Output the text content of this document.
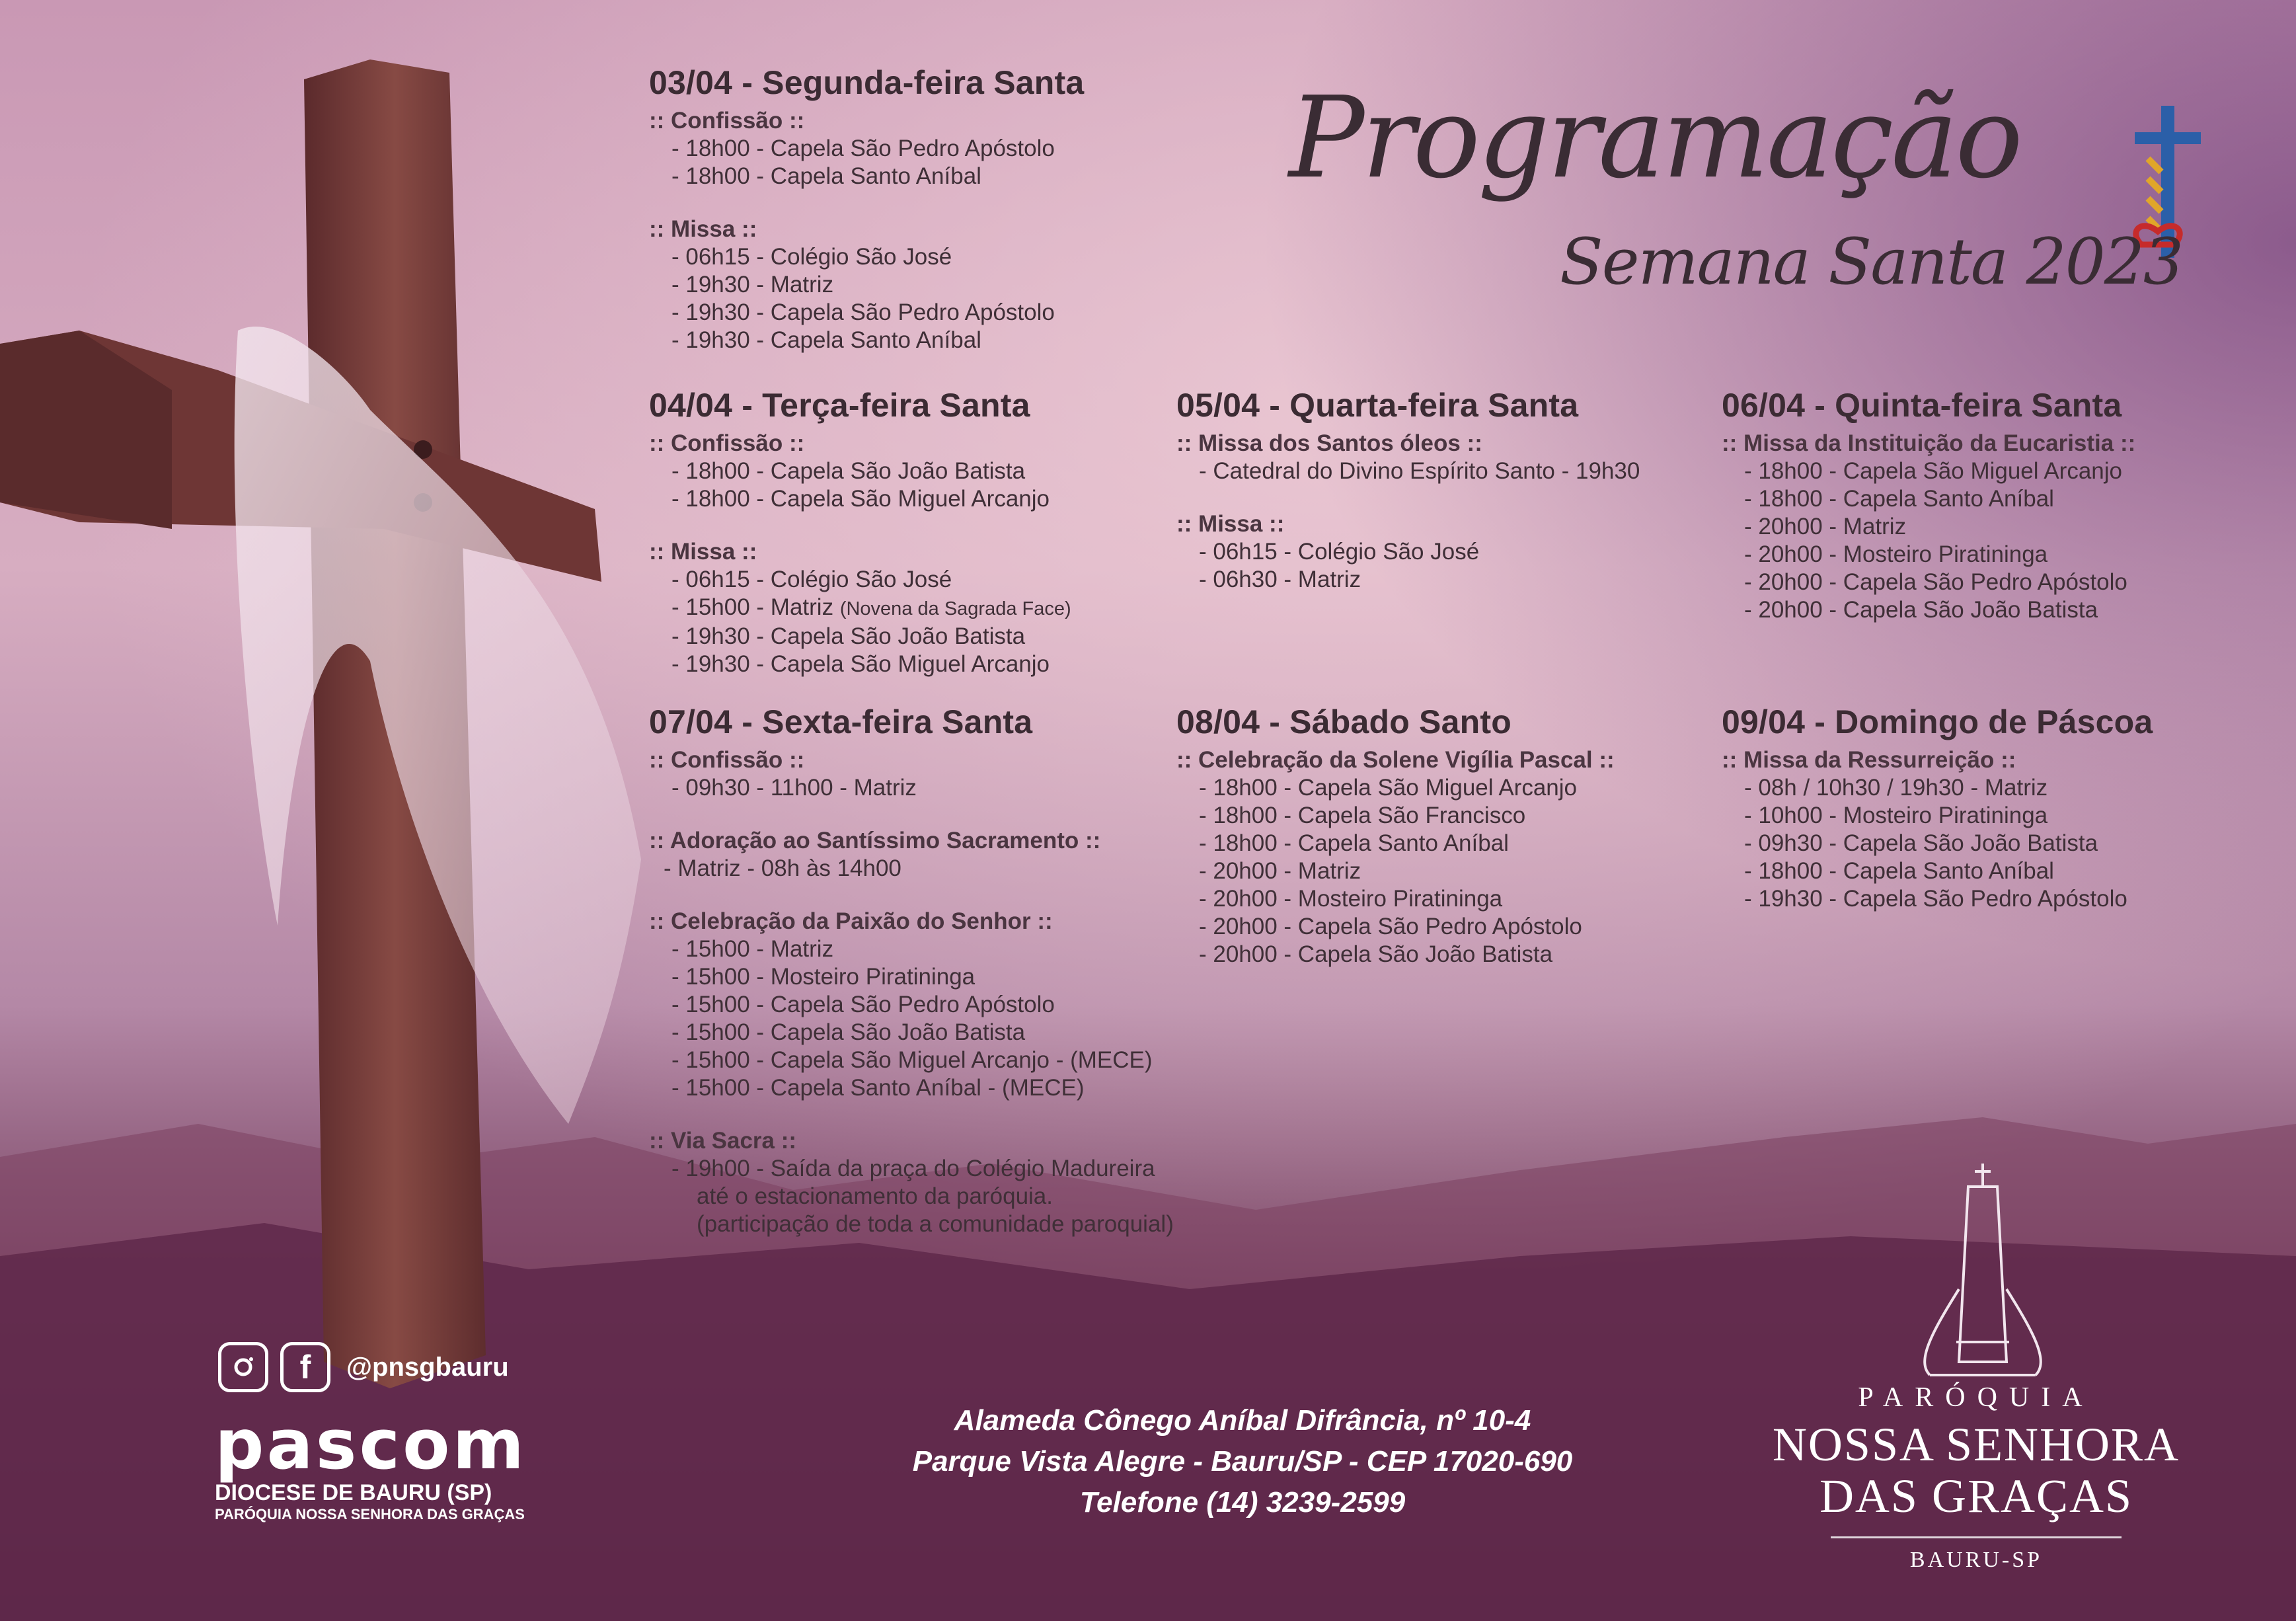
Programação
Semana Santa 2023
03/04 - Segunda-feira Santa
:: Confissão ::
- 18h00 - Capela São Pedro Apóstolo
- 18h00 - Capela Santo Aníbal
:: Missa ::
- 06h15 - Colégio São José
- 19h30 - Matriz
- 19h30 - Capela São Pedro Apóstolo
- 19h30 - Capela Santo Aníbal
04/04 - Terça-feira Santa
:: Confissão ::
- 18h00 - Capela São João Batista
- 18h00 - Capela São Miguel Arcanjo
:: Missa ::
- 06h15 - Colégio São José
- 15h00 - Matriz (Novena da Sagrada Face)
- 19h30 - Capela São João Batista
- 19h30 - Capela São Miguel Arcanjo
05/04 - Quarta-feira Santa
:: Missa dos Santos óleos ::
- Catedral do Divino Espírito Santo - 19h30
:: Missa ::
- 06h15 - Colégio São José
- 06h30 - Matriz
06/04 - Quinta-feira Santa
:: Missa da Instituição da Eucaristia ::
- 18h00 - Capela São Miguel Arcanjo
- 18h00 - Capela Santo Aníbal
- 20h00 - Matriz
- 20h00 - Mosteiro Piratininga
- 20h00 - Capela São Pedro Apóstolo
- 20h00 - Capela São João Batista
07/04 - Sexta-feira Santa
:: Confissão ::
- 09h30 - 11h00 - Matriz
:: Adoração ao Santíssimo Sacramento ::
- Matriz - 08h às 14h00
:: Celebração da Paixão do Senhor ::
- 15h00 - Matriz
- 15h00 - Mosteiro Piratininga
- 15h00 - Capela São Pedro Apóstolo
- 15h00 - Capela São João Batista
- 15h00 - Capela São Miguel Arcanjo - (MECE)
- 15h00 - Capela Santo Aníbal - (MECE)
:: Via Sacra ::
- 19h00 - Saída da praça do Colégio Madureira
até o estacionamento da paróquia.
(participação de toda a comunidade paroquial)
08/04 - Sábado Santo
:: Celebração da Solene Vigília Pascal ::
- 18h00 - Capela São Miguel Arcanjo
- 18h00 - Capela São Francisco
- 18h00 - Capela Santo Aníbal
- 20h00 - Matriz
- 20h00 - Mosteiro Piratininga
- 20h00 - Capela São Pedro Apóstolo
- 20h00 - Capela São João Batista
09/04 - Domingo de Páscoa
:: Missa da Ressurreição ::
- 08h / 10h30 / 19h30 - Matriz
- 10h00 - Mosteiro Piratininga
- 09h30 - Capela São João Batista
- 18h00 - Capela Santo Aníbal
- 19h30 - Capela São Pedro Apóstolo
f	@pnsgbauru
pascom
DIOCESE DE BAURU (SP)
PARÓQUIA NOSSA SENHORA DAS GRAÇAS
Alameda Cônego Aníbal Difrância, nº 10-4
Parque Vista Alegre - Bauru/SP - CEP 17020-690
Telefone (14) 3239-2599
PARÓQUIA
NOSSA SENHORA
DAS GRAÇAS
BAURU-SP
